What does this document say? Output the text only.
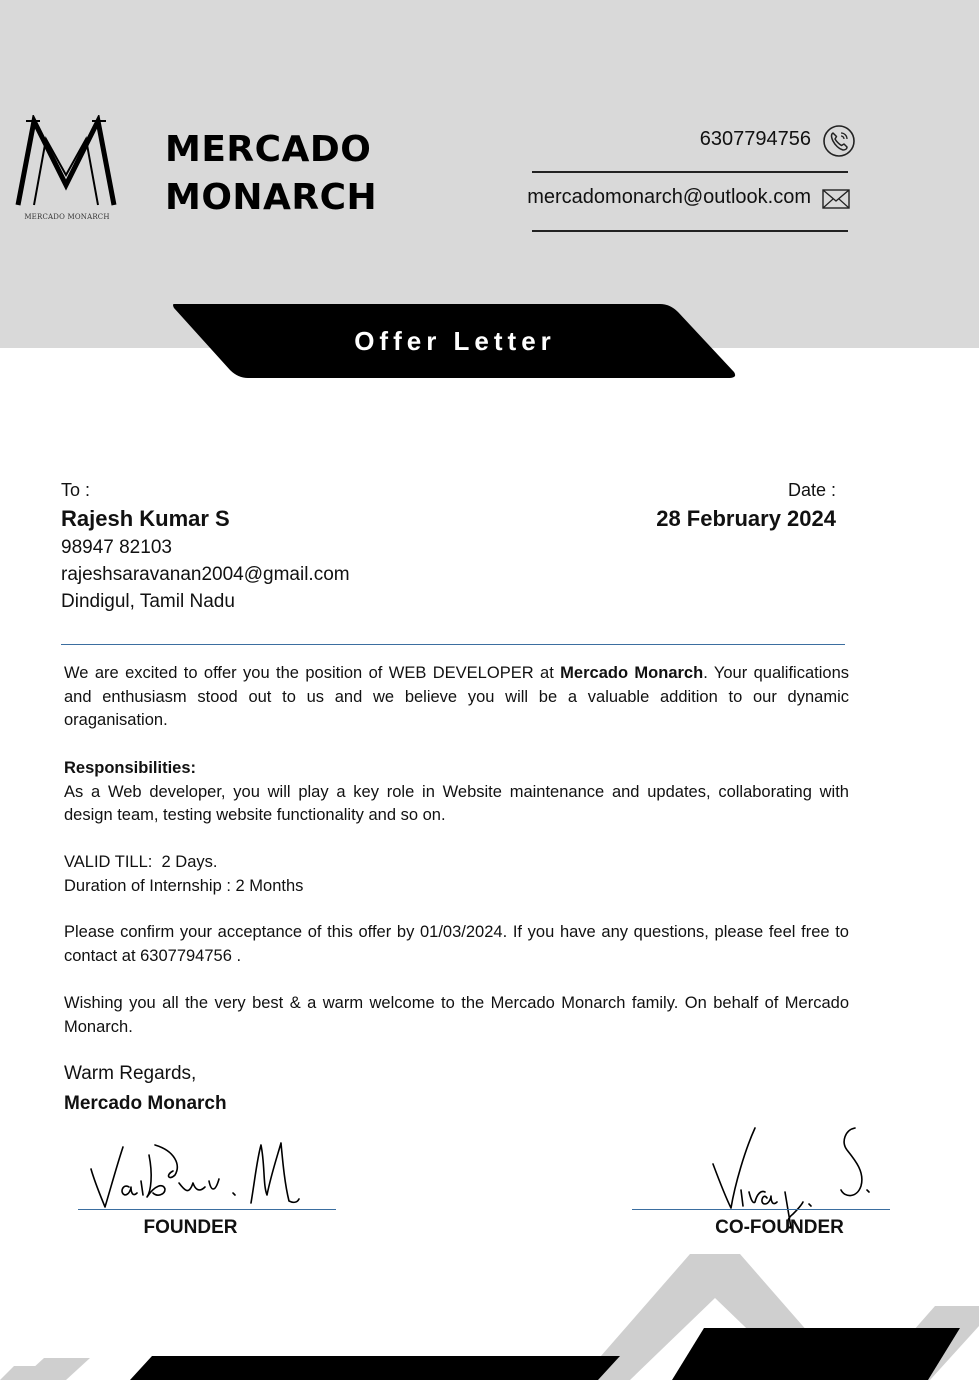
MERCADO MONARCH
MERCADO
MONARCH
6307794756
mercadomonarch@outlook.com
Offer Letter
To :
Rajesh Kumar S
98947 82103
rajeshsaravanan2004@gmail.com
Dindigul, Tamil Nadu
Date :
28 February 2024
We are excited to offer you the position of WEB DEVELOPER at Mercado Monarch. Your qualifications and enthusiasm stood out to us and we believe you will be a valuable addition to our dynamic oraganisation.
Responsibilities:
As a Web developer, you will play a key role in Website maintenance and updates, collaborating with design team, testing website functionality and so on.
VALID TILL:  2 Days.
Duration of Internship : 2 Months
Please confirm your acceptance of this offer by 01/03/2024. If you have any questions, please feel free to contact at 6307794756 .
Wishing you all the very best & a warm welcome to the Mercado Monarch family. On behalf of Mercado Monarch.
Warm Regards,
Mercado Monarch
FOUNDER	CO-FOUNDER
